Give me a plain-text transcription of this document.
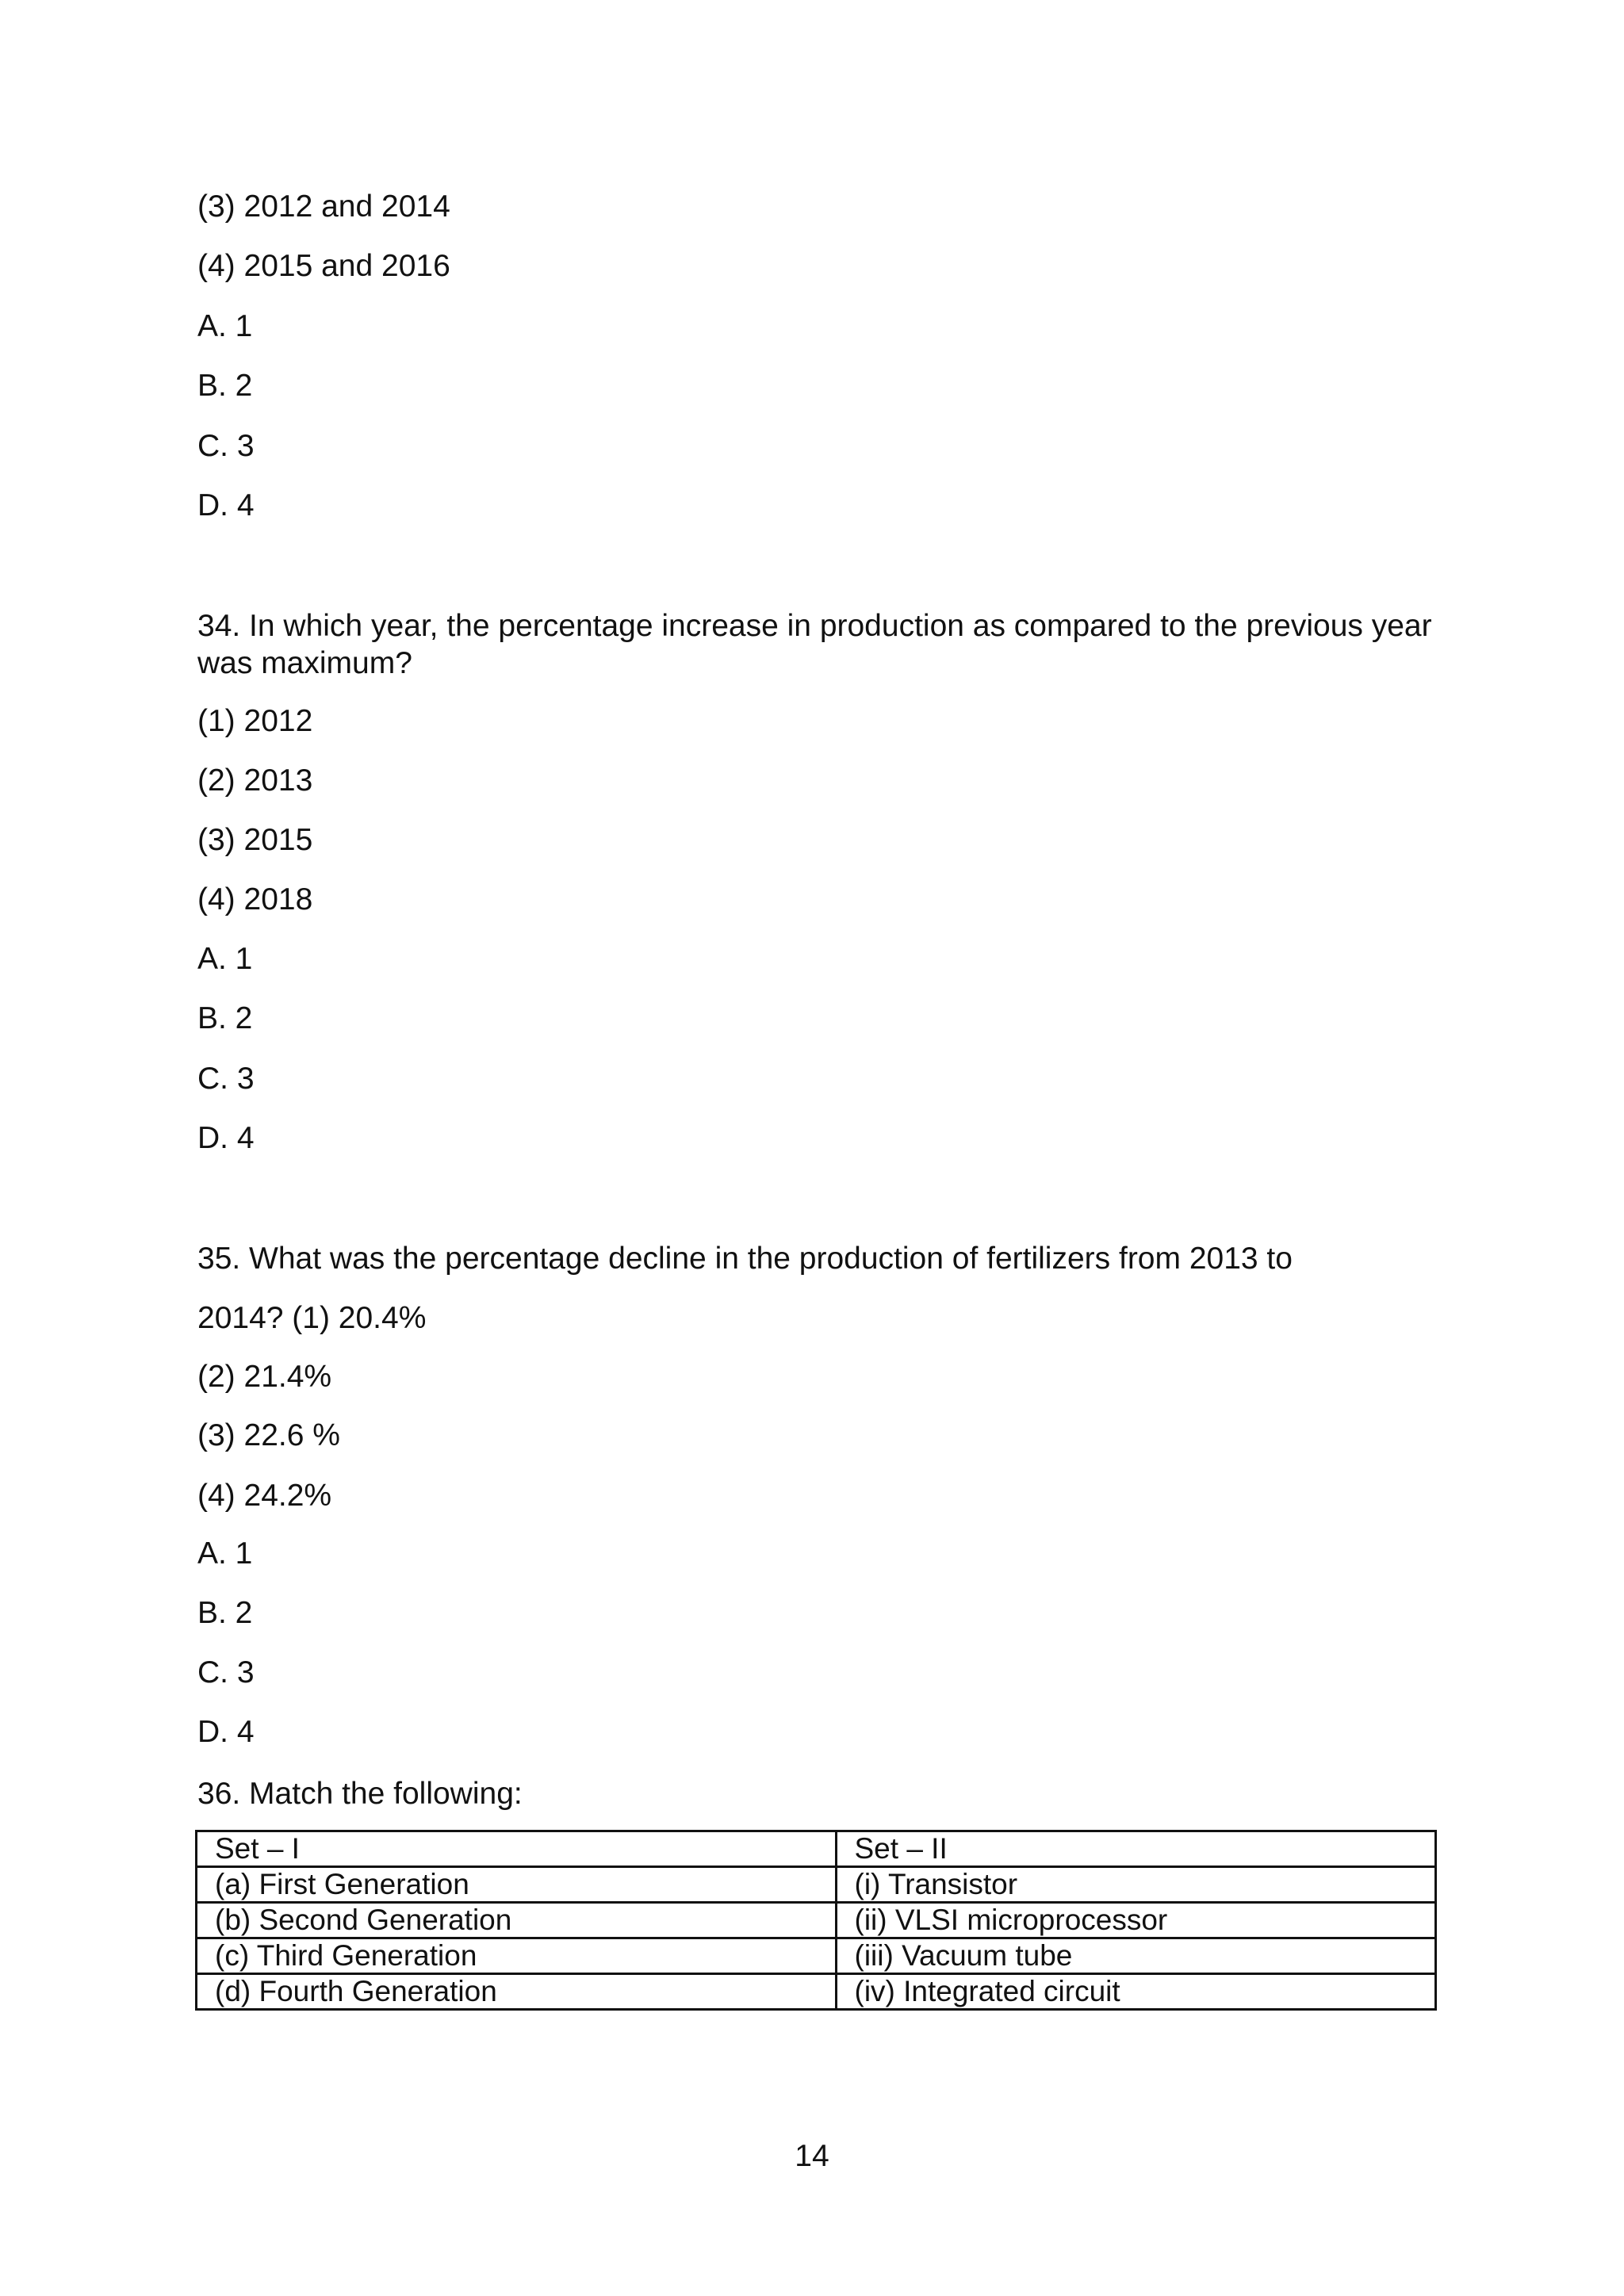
(3) 2012 and 2014
(4) 2015 and 2016
A. 1
B. 2
C. 3
D. 4
34. In which year, the percentage increase in production as compared to the previous year
was maximum?
(1) 2012
(2) 2013
(3) 2015
(4) 2018
A. 1
B. 2
C. 3
D. 4
35. What was the percentage decline in the production of fertilizers from 2013 to
2014? (1) 20.4%
(2) 21.4%
(3) 22.6 %
(4) 24.2%
A. 1
B. 2
C. 3
D. 4
36. Match the following:
Set – I	Set – II
(a) First Generation	(i) Transistor
(b) Second Generation	(ii) VLSI microprocessor
(c) Third Generation	(iii) Vacuum tube
(d) Fourth Generation	(iv) Integrated circuit
14
